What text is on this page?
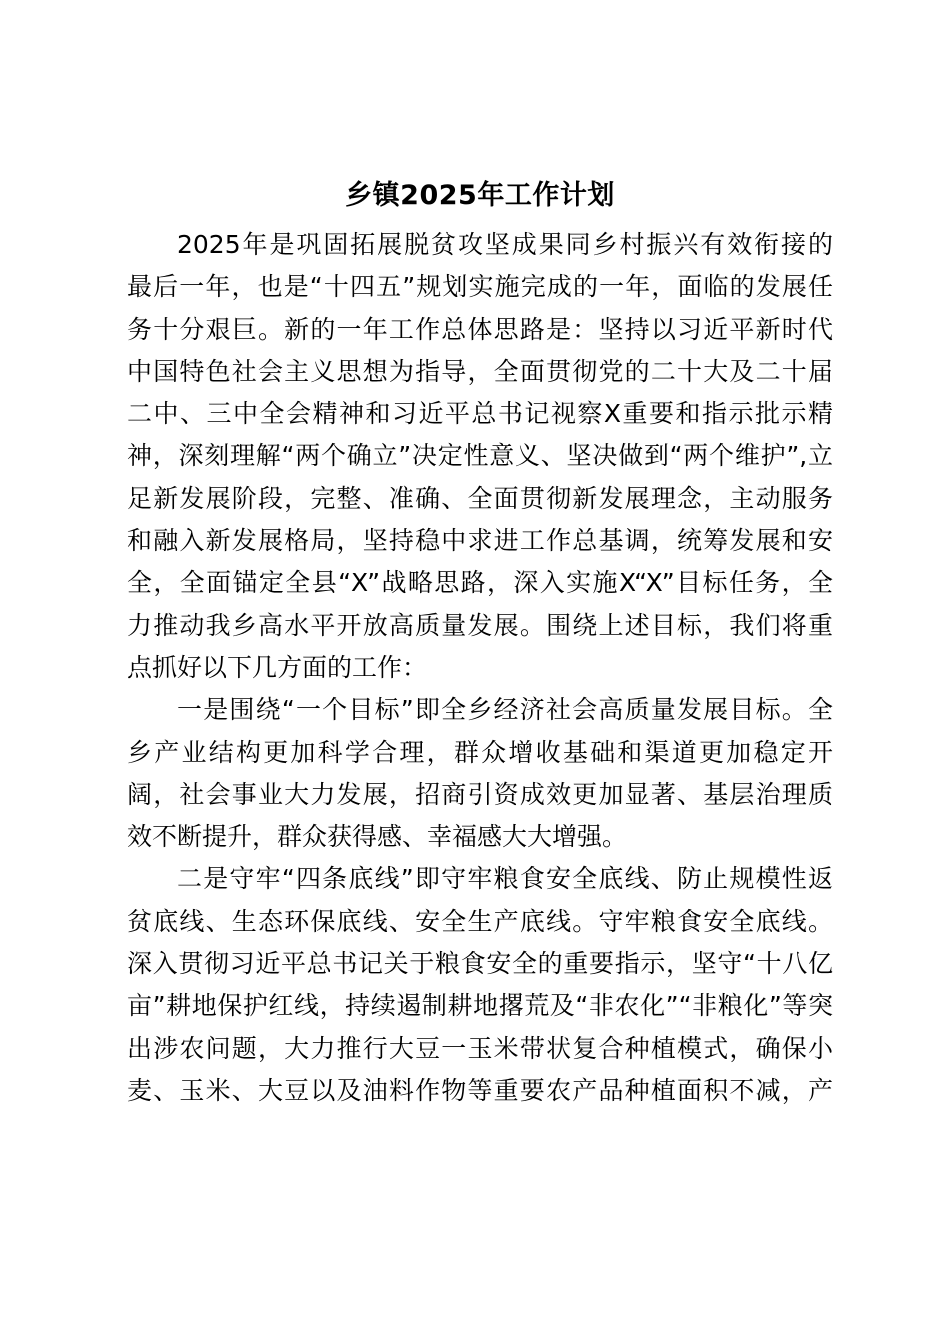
乡镇2025年工作计划

2025年是巩固拓展脱贫攻坚成果同乡村振兴有效衔接的
最后一年，也是“十四五”规划实施完成的一年，面临的发展任
务十分艰巨。新的一年工作总体思路是：坚持以习近平新时代
中国特色社会主义思想为指导，全面贯彻党的二十大及二十届
二中、三中全会精神和习近平总书记视察X重要和指示批示精
神，深刻理解“两个确立”决定性意义、坚决做到“两个维护”,立
足新发展阶段，完整、准确、全面贯彻新发展理念，主动服务
和融入新发展格局，坚持稳中求进工作总基调，统筹发展和安
全，全面锚定全县“X”战略思路，深入实施X“X”目标任务，全
力推动我乡高水平开放高质量发展。围绕上述目标，我们将重
点抓好以下几方面的工作：

一是围绕“一个目标”即全乡经济社会高质量发展目标。全
乡产业结构更加科学合理，群众增收基础和渠道更加稳定开
阔，社会事业大力发展，招商引资成效更加显著、基层治理质
效不断提升，群众获得感、幸福感大大增强。

二是守牢“四条底线”即守牢粮食安全底线、防止规模性返
贫底线、生态环保底线、安全生产底线。守牢粮食安全底线。
深入贯彻习近平总书记关于粮食安全的重要指示，坚守“十八亿
亩”耕地保护红线，持续遏制耕地撂荒及“非农化”“非粮化”等突
出涉农问题，大力推行大豆一玉米带状复合种植模式，确保小
麦、玉米、大豆以及油料作物等重要农产品种植面积不减，产
